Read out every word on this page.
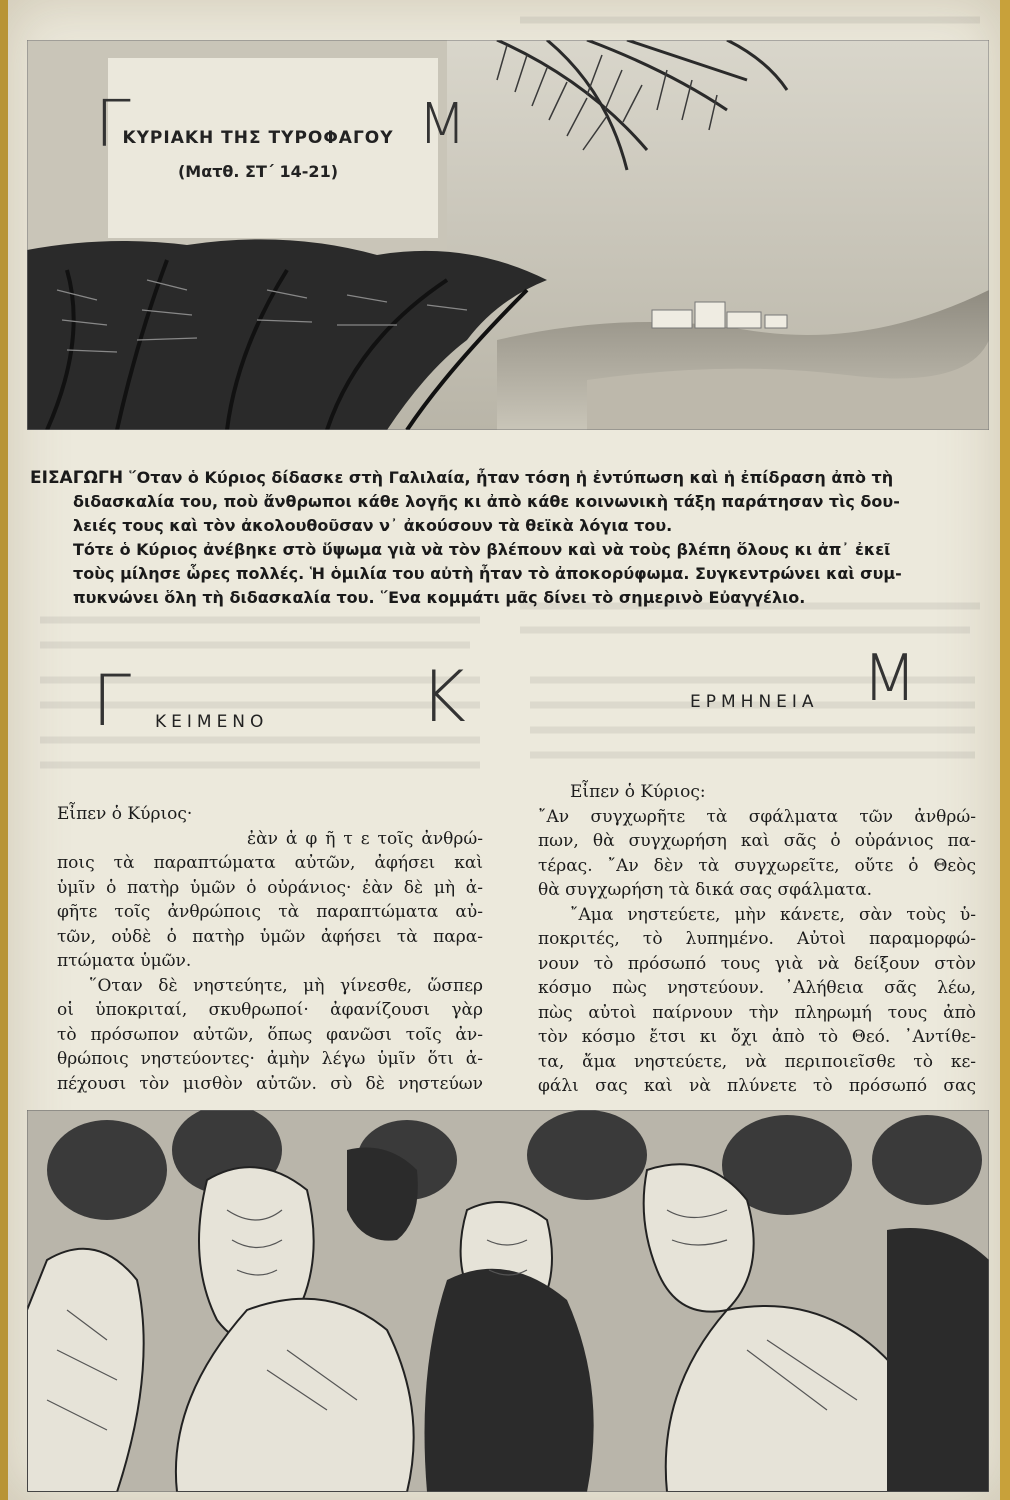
ΚΥΡΙΑΚΗ ΤΗΣ ΤΥΡΟΦΑΓΟΥ
(Ματθ. ΣΤ΄ 14-21)
Γ	Μ
ΕΙΣΑΓΩΓΗ ῞Οταν ὁ Κύριος δίδασκε στὴ Γαλιλαία, ἦταν τόση ἡ ἐντύπωση καὶ ἡ ἐπίδραση ἀπὸ τὴ
διδασκαλία του, ποὺ ἄνθρωποι κάθε λογῆς κι ἀπὸ κάθε κοινωνικὴ τάξη παράτησαν τὶς δου-
λειές τους καὶ τὸν ἀκολουθοῦσαν ν᾿ ἀκούσουν τὰ θεϊκὰ λόγια του.
Τότε ὁ Κύριος ἀνέβηκε στὸ ὕψωμα γιὰ νὰ τὸν βλέπουν καὶ νὰ τοὺς βλέπη ὅλους κι ἀπ᾿ ἐκεῖ
τοὺς μίλησε ὧρες πολλές. Ἡ ὁμιλία του αὐτὴ ἦταν τὸ ἀποκορύφωμα. Συγκεντρώνει καὶ συμ-
πυκνώνει ὅλη τὴ διδασκαλία του. ῞Ενα κομμάτι μᾶς δίνει τὸ σημερινὸ Εὐαγγέλιο.
Γ ΚΕΙΜΕΝΟ Κ	ΕΡΜΗΝΕΙΑ Μ
Εἶπεν ὁ Κύριος·
ἐὰν ἀ φ ῆ τ ε τοῖς ἀνθρώ-
ποις τὰ παραπτώματα αὐτῶν, ἀφήσει καὶ
ὑμῖν ὁ πατὴρ ὑμῶν ὁ οὐράνιος· ἐὰν δὲ μὴ ἀ-
φῆτε τοῖς ἀνθρώποις τὰ παραπτώματα αὐ-
τῶν, οὐδὲ ὁ πατὴρ ὑμῶν ἀφήσει τὰ παρα-
πτώματα ὑμῶν.
῞Οταν δὲ νηστεύητε, μὴ γίνεσθε, ὥσπερ
οἱ ὑποκριταί, σκυθρωποί· ἀφανίζουσι γὰρ
τὸ πρόσωπον αὐτῶν, ὅπως φανῶσι τοῖς ἀν-
θρώποις νηστεύοντες· ἀμὴν λέγω ὑμῖν ὅτι ἀ-
πέχουσι τὸν μισθὸν αὐτῶν. σὺ δὲ νηστεύων
Εἶπεν ὁ Κύριος:
῎Αν συγχωρῆτε τὰ σφάλματα τῶν ἀνθρώ-
πων, θὰ συγχωρήση καὶ σᾶς ὁ οὐράνιος πα-
τέρας. ῎Αν δὲν τὰ συγχωρεῖτε, οὔτε ὁ Θεὸς
θὰ συγχωρήση τὰ δικά σας σφάλματα.
῎Αμα νηστεύετε, μὴν κάνετε, σὰν τοὺς ὑ-
ποκριτές, τὸ λυπημένο. Αὐτοὶ παραμορφώ-
νουν τὸ πρόσωπό τους γιὰ νὰ δείξουν στὸν
κόσμο πὼς νηστεύουν. ᾽Αλήθεια σᾶς λέω,
πὼς αὐτοὶ παίρνουν τὴν πληρωμή τους ἀπὸ
τὸν κόσμο ἔτσι κι ὄχι ἀπὸ τὸ Θεό. ᾽Αντίθε-
τα, ἄμα νηστεύετε, νὰ περιποιεῖσθε τὸ κε-
φάλι σας καὶ νὰ πλύνετε τὸ πρόσωπό σας
